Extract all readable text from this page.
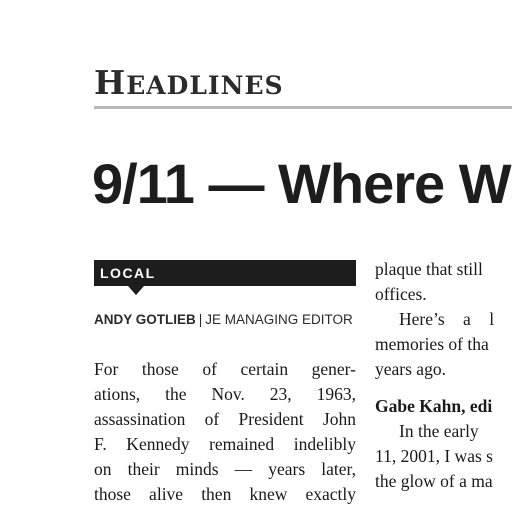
HEADLINES
9/11 — Where W
LOCAL
ANDY GOTLIEB | JE MANAGING EDITOR
For those of certain gener-
ations, the Nov. 23, 1963,
assassination of President John
F. Kennedy remained indelibly
on their minds — years later,
those alive then knew exactly
plaque that still
offices.
Here’s a l
memories of tha
years ago.
Gabe Kahn, edi
In the early
11, 2001, I was s
the glow of a ma
